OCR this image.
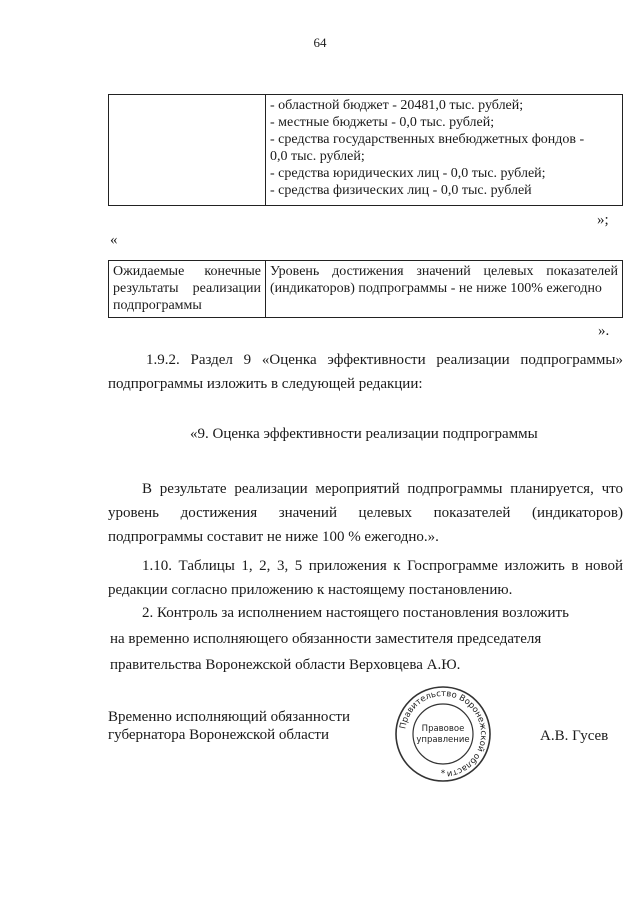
64

- областной бюджет - 20481,0 тыс. рублей;
- местные бюджеты - 0,0 тыс. рублей;
- средства государственных внебюджетных фондов -
0,0 тыс. рублей;
- средства юридических лиц - 0,0 тыс. рублей;
- средства физических лиц - 0,0 тыс. рублей
»;
«
Ожидаемые конечные результаты реализации подпрограммы	Уровень достижения значений целевых показателей (индикаторов) подпрограммы - не ниже 100% ежегодно
».
1.9.2. Раздел 9 «Оценка эффективности реализации подпрограммы» подпрограммы изложить в следующей редакции:
«9. Оценка эффективности реализации подпрограммы
В результате реализации мероприятий подпрограммы планируется, что уровень достижения значений целевых показателей (индикаторов) подпрограммы составит не ниже 100 % ежегодно.».
1.10. Таблицы 1, 2, 3, 5 приложения к Госпрограмме изложить в новой редакции согласно приложению к настоящему постановлению.
2. Контроль за исполнением настоящего постановления возложить
на временно исполняющего обязанности заместителя председателя
правительства Воронежской области Верховцева А.Ю.
Временно исполняющий обязанности
губернатора Воронежской области
Правительство Воронежской области
Правовое
управление
*
А.В. Гусев
